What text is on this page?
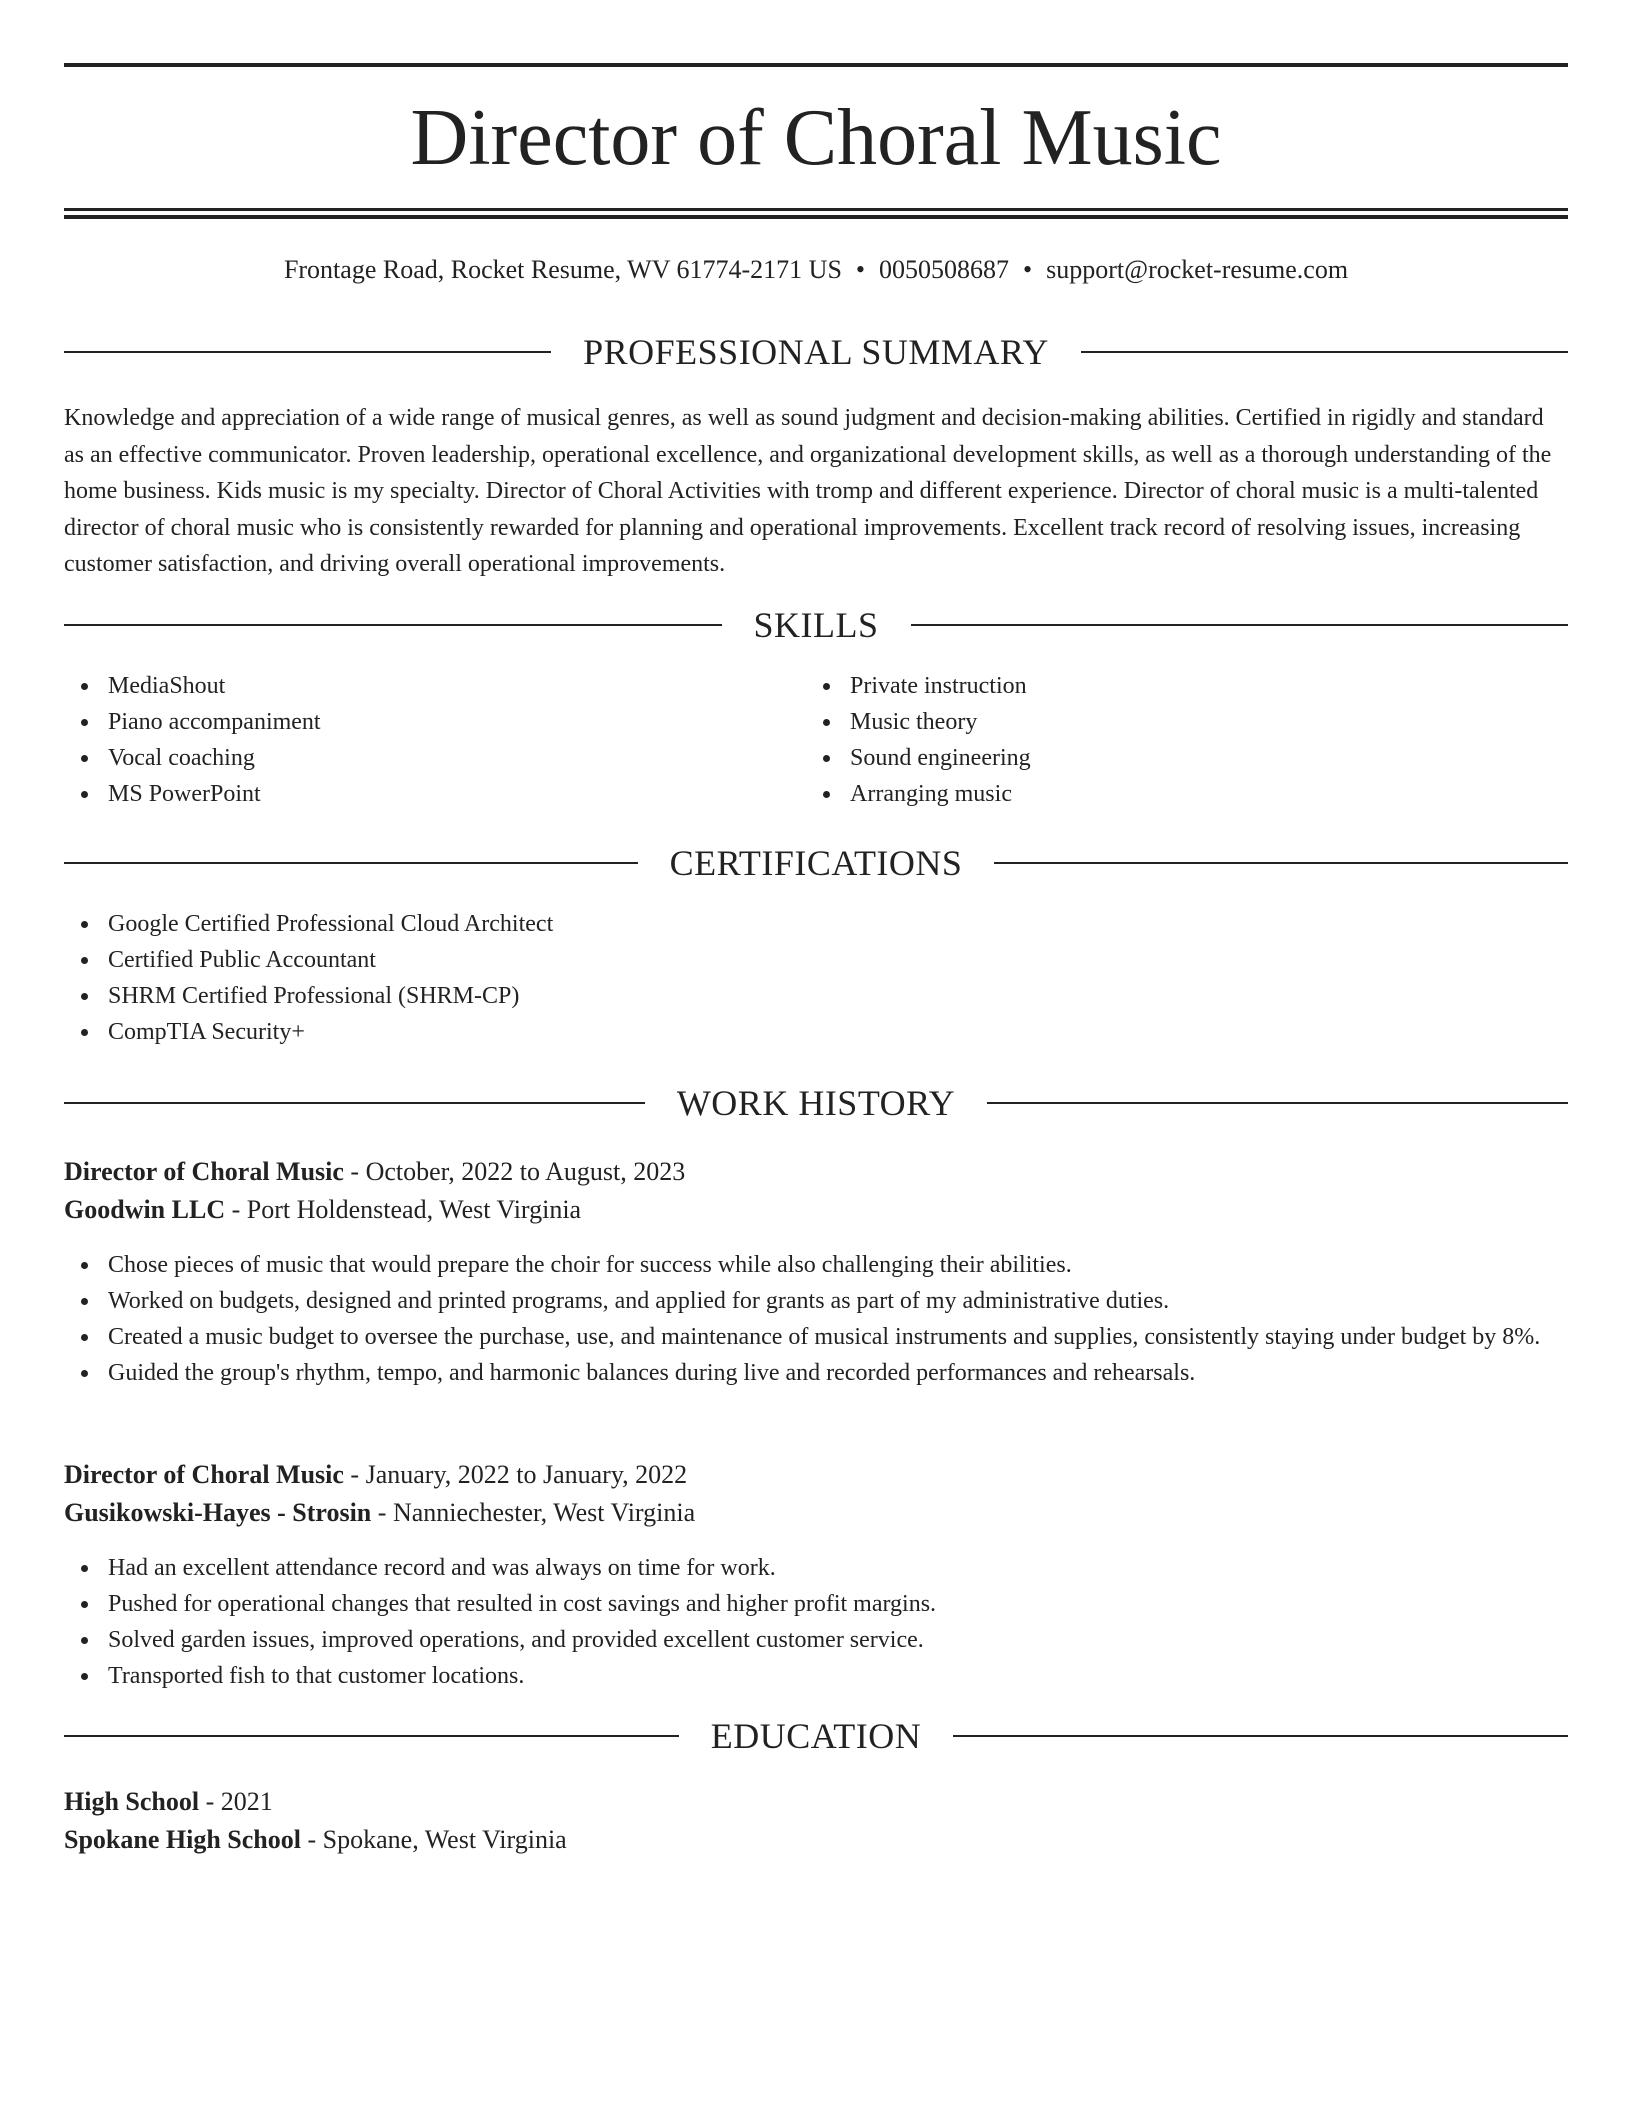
Director of Choral Music
Frontage Road, Rocket Resume, WV 61774-2171 US • 0050508687 • support@rocket-resume.com
PROFESSIONAL SUMMARY

Knowledge and appreciation of a wide range of musical genres, as well as sound judgment and decision-making abilities. Certified in rigidly and standard as an effective communicator. Proven leadership, operational excellence, and organizational development skills, as well as a thorough understanding of the home business. Kids music is my specialty. Director of Choral Activities with tromp and different experience. Director of choral music is a multi-talented director of choral music who is consistently rewarded for planning and operational improvements. Excellent track record of resolving issues, increasing customer satisfaction, and driving overall operational improvements.

SKILLS
MediaShout
Piano accompaniment
Vocal coaching
MS PowerPoint
Private instruction
Music theory
Sound engineering
Arranging music
CERTIFICATIONS
Google Certified Professional Cloud Architect
Certified Public Accountant
SHRM Certified Professional (SHRM-CP)
CompTIA Security+
WORK HISTORY
Director of Choral Music - October, 2022 to August, 2023
Goodwin LLC - Port Holdenstead, West Virginia
Chose pieces of music that would prepare the choir for success while also challenging their abilities.
Worked on budgets, designed and printed programs, and applied for grants as part of my administrative duties.
Created a music budget to oversee the purchase, use, and maintenance of musical instruments and supplies, consistently staying under budget by 8%.
Guided the group's rhythm, tempo, and harmonic balances during live and recorded performances and rehearsals.
Director of Choral Music - January, 2022 to January, 2022
Gusikowski-Hayes - Strosin - Nanniechester, West Virginia
Had an excellent attendance record and was always on time for work.
Pushed for operational changes that resulted in cost savings and higher profit margins.
Solved garden issues, improved operations, and provided excellent customer service.
Transported fish to that customer locations.
EDUCATION
High School - 2021
Spokane High School - Spokane, West Virginia
